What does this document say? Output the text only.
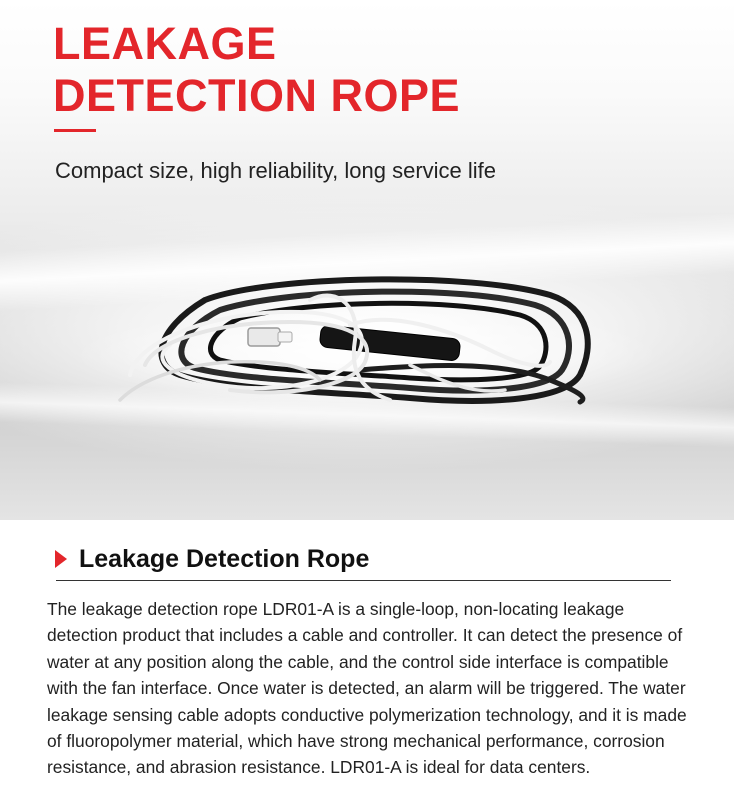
LEAKAGE
DETECTION ROPE

Compact size, high reliability, long service life

Leakage Detection Rope

The leakage detection rope LDR01-A is a single-loop, non-locating leakage detection product that includes a cable and controller. It can detect the presence of water at any position along the cable, and the control side interface is compatible with the fan interface. Once water is detected, an alarm will be triggered. The water leakage sensing cable adopts conductive polymerization technology, and it is made of fluoropolymer material, which have strong mechanical performance, corrosion resistance, and abrasion resistance. LDR01-A is ideal for data centers.
